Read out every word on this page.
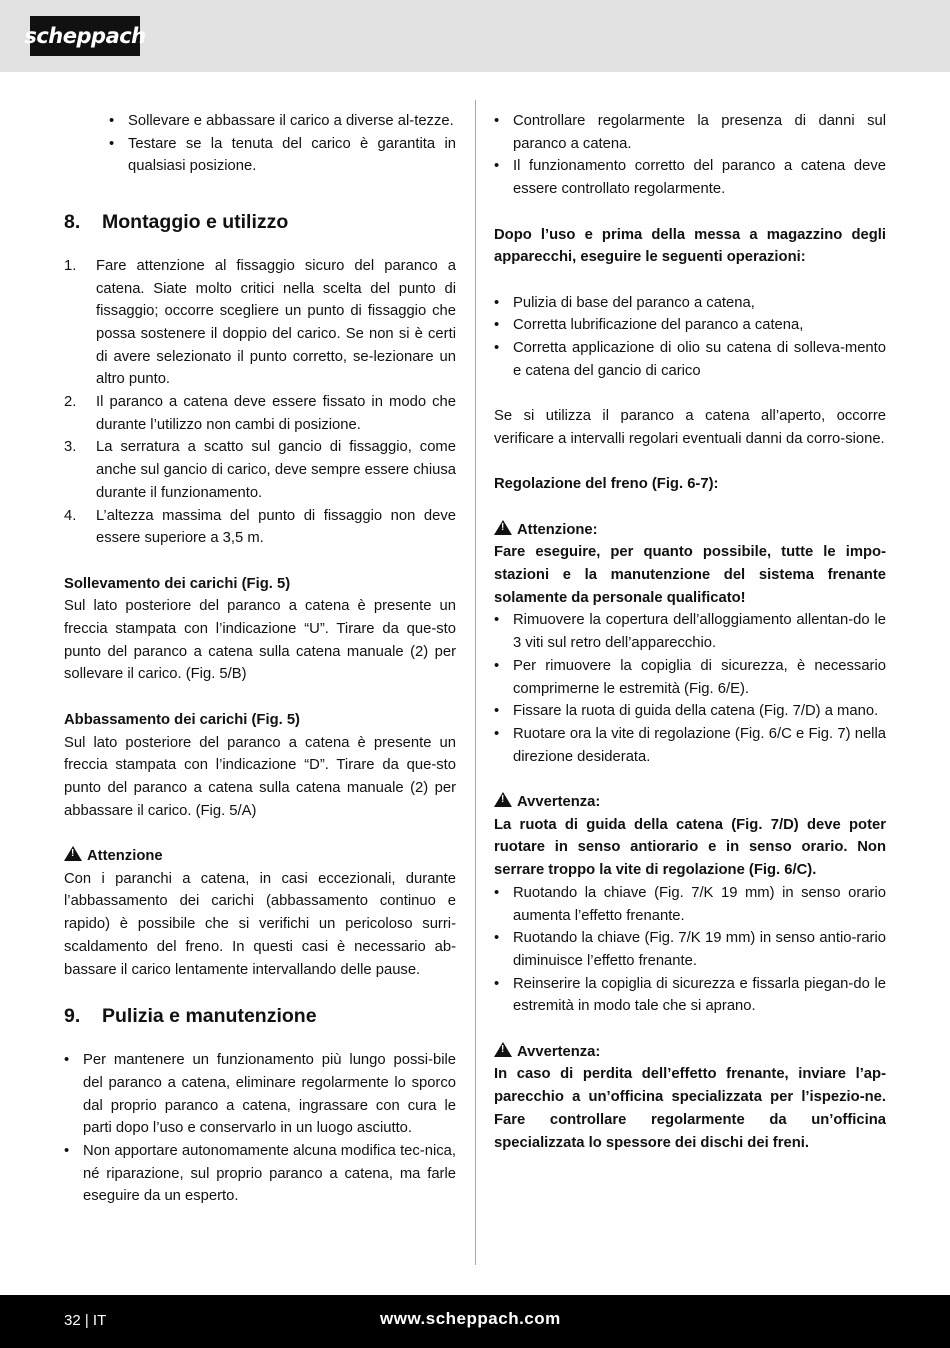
scheppach
• Sollevare e abbassare il carico a diverse al-tezze.
• Testare se la tenuta del carico è garantita in qualsiasi posizione.
8. Montaggio e utilizzo
1. Fare attenzione al fissaggio sicuro del paranco a catena. Siate molto critici nella scelta del punto di fissaggio; occorre scegliere un punto di fissaggio che possa sostenere il doppio del carico. Se non si è certi di avere selezionato il punto corretto, se-lezionare un altro punto.
2. Il paranco a catena deve essere fissato in modo che durante l’utilizzo non cambi di posizione.
3. La serratura a scatto sul gancio di fissaggio, come anche sul gancio di carico, deve sempre essere chiusa durante il funzionamento.
4. L’altezza massima del punto di fissaggio non deve essere superiore a 3,5 m.
Sollevamento dei carichi (Fig. 5)
Sul lato posteriore del paranco a catena è presente un freccia stampata con l’indicazione “U”. Tirare da que-sto punto del paranco a catena sulla catena manuale (2) per sollevare il carico. (Fig. 5/B)
Abbassamento dei carichi (Fig. 5)
Sul lato posteriore del paranco a catena è presente un freccia stampata con l’indicazione “D”. Tirare da que-sto punto del paranco a catena sulla catena manuale (2) per abbassare il carico. (Fig. 5/A)
!Attenzione
Con i paranchi a catena, in casi eccezionali, durante l’abbassamento dei carichi (abbassamento continuo e rapido) è possibile che si verifichi un pericoloso surri-scaldamento del freno. In questi casi è necessario ab-bassare il carico lentamente intervallando delle pause.
9. Pulizia e manutenzione
• Per mantenere un funzionamento più lungo possi-bile del paranco a catena, eliminare regolarmente lo sporco dal proprio paranco a catena, ingrassare con cura le parti dopo l’uso e conservarlo in un luogo asciutto.
• Non apportare autonomamente alcuna modifica tec-nica, né riparazione, sul proprio paranco a catena, ma farle eseguire da un esperto.
• Controllare regolarmente la presenza di danni sul paranco a catena.
• Il funzionamento corretto del paranco a catena deve essere controllato regolarmente.
Dopo l’uso e prima della messa a magazzino degli apparecchi, eseguire le seguenti operazioni:
• Pulizia di base del paranco a catena,
• Corretta lubrificazione del paranco a catena,
• Corretta applicazione di olio su catena di solleva-mento e catena del gancio di carico
Se si utilizza il paranco a catena all’aperto, occorre verificare a intervalli regolari eventuali danni da corro-sione.
Regolazione del freno (Fig. 6-7):
!Attenzione:
Fare eseguire, per quanto possibile, tutte le impo-stazioni e la manutenzione del sistema frenante solamente da personale qualificato!
• Rimuovere la copertura dell’alloggiamento allentan-do le 3 viti sul retro dell’apparecchio.
• Per rimuovere la copiglia di sicurezza, è necessario comprimerne le estremità (Fig. 6/E).
• Fissare la ruota di guida della catena (Fig. 7/D) a mano.
• Ruotare ora la vite di regolazione (Fig. 6/C e Fig. 7) nella direzione desiderata.
!Avvertenza:
La ruota di guida della catena (Fig. 7/D) deve poter ruotare in senso antiorario e in senso orario. Non serrare troppo la vite di regolazione (Fig. 6/C).
• Ruotando la chiave (Fig. 7/K 19 mm) in senso orario aumenta l’effetto frenante.
• Ruotando la chiave (Fig. 7/K 19 mm) in senso antio-rario diminuisce l’effetto frenante.
• Reinserire la copiglia di sicurezza e fissarla piegan-do le estremità in modo tale che si aprano.
!Avvertenza:
In caso di perdita dell’effetto frenante, inviare l’ap-parecchio a un’officina specializzata per l’ispezio-ne. Fare controllare regolarmente da un’officina specializzata lo spessore dei dischi dei freni.
32 | IT	www.scheppach.com
